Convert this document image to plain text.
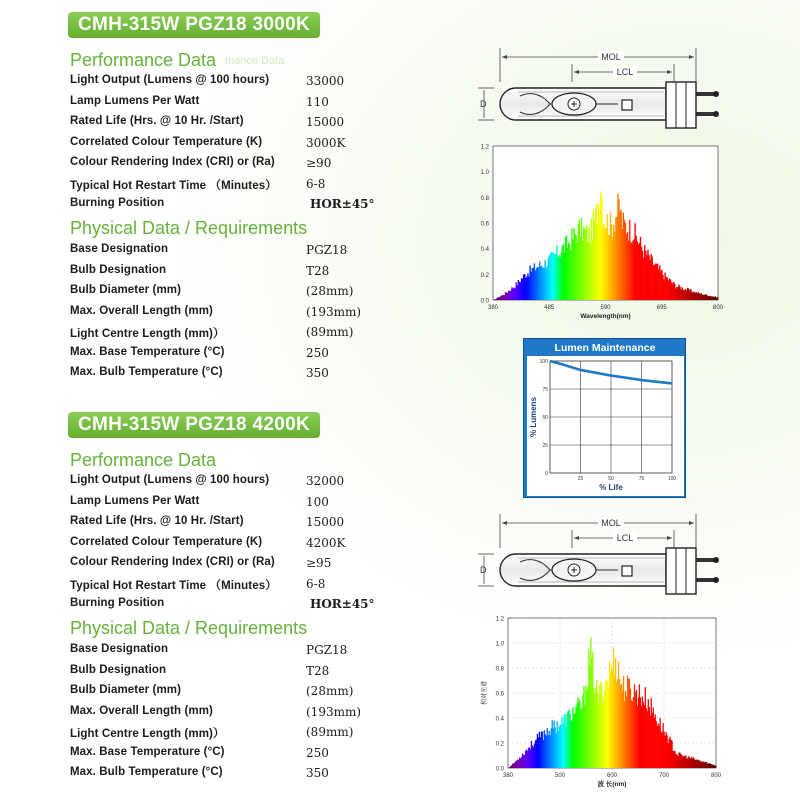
CMH-315W PGZ18 3000K
mance Data
Performance Data
Light Output (Lumens @ 100 hours)	33000
Lamp Lumens Per Watt	110
Rated Life (Hrs. @ 10 Hr. /Start)	15000
Correlated Colour Temperature (K)	3000K
Colour Rendering Index (CRI) or (Ra)	≥90
Typical Hot Restart Time （Minutes） 6-8
Burning Position	HOR±45°
Physical Data / Requirements
Base Designation	PGZ18
Bulb Designation	T28
Bulb Diameter (mm)	(28mm)
Max. Overall Length (mm)	(193mm)
Light Centre Length (mm)）	(89mm)
Max. Base Temperature (°C)	250
Max. Bulb Temperature (°C)	350
CMH-315W PGZ18 4200K
Performance Data
Light Output (Lumens @ 100 hours)	32000
Lamp Lumens Per Watt	100
Rated Life (Hrs. @ 10 Hr. /Start)	15000
Correlated Colour Temperature (K)	4200K
Colour Rendering Index (CRI) or (Ra)	≥95
Typical Hot Restart Time （Minutes） 6-8
Burning Position	HOR±45°
Physical Data / Requirements
Base Designation	PGZ18
Bulb Designation	T28
Bulb Diameter (mm)	(28mm)
Max. Overall Length (mm)	(193mm)
Light Centre Length (mm)）	(89mm)
Max. Base Temperature (°C)	250
Max. Bulb Temperature (°C)	350
MOL
LCL
D
MOL
LCL
D
1.2
1.0
0.8
0.6
0.4
0.2
0.0
380	485	590	695	800
Wavelength(nm)
Lumen Maintenance
100
75
50
25
0
25	50	75	100
% Life
% Lumens
1.2
1.0
0.8
0.6
0.4
0.2
0.0
380	500	600	700	800
波 长(nm)
相对光谱
